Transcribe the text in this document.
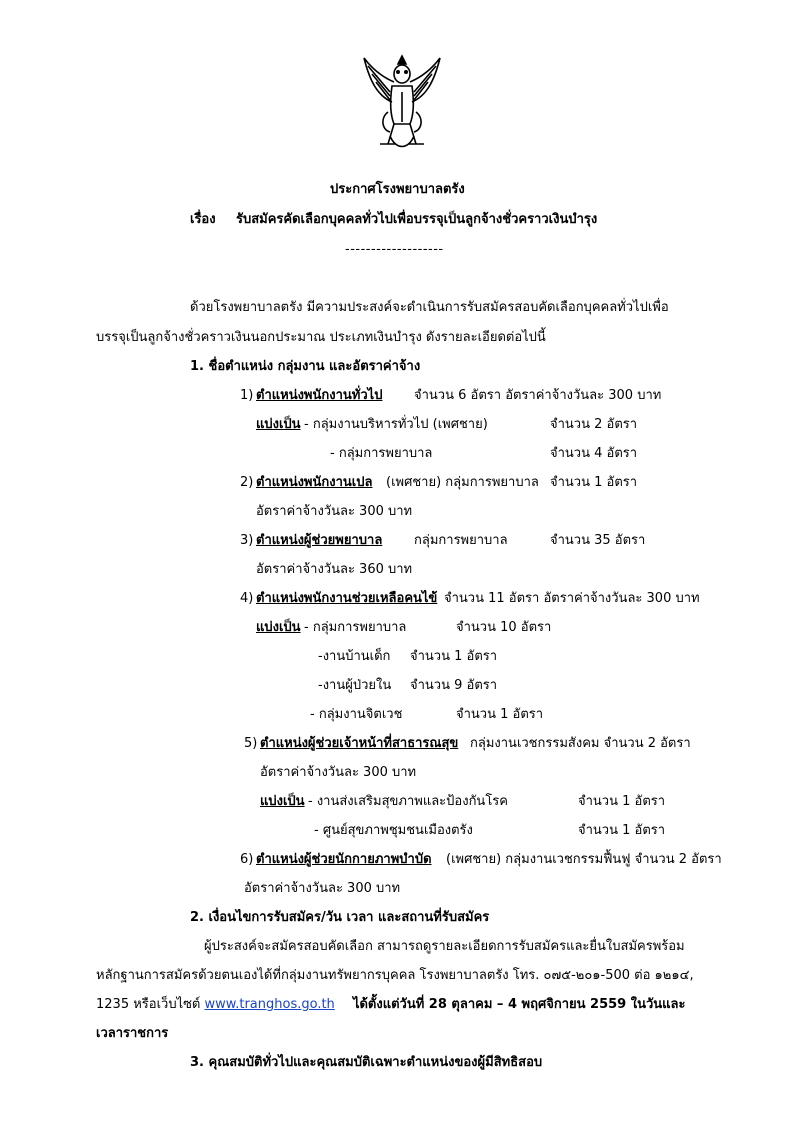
ประกาศโรงพยาบาลตรัง
เรื่อง รับสมัครคัดเลือกบุคคลทั่วไปเพื่อบรรจุเป็นลูกจ้างชั่วคราวเงินบำรุง
-------------------
ด้วยโรงพยาบาลตรัง มีความประสงค์จะดำเนินการรับสมัครสอบคัดเลือกบุคคลทั่วไปเพื่อ
บรรจุเป็นลูกจ้างชั่วคราวเงินนอกประมาณ ประเภทเงินบำรุง ดังรายละเอียดต่อไปนี้
1. ชื่อตำแหน่ง กลุ่มงาน และอัตราค่าจ้าง
1) ตำแหน่งพนักงานทั่วไป จำนวน 6 อัตรา อัตราค่าจ้างวันละ 300 บาท
แบ่งเป็น - กลุ่มงานบริหารทั่วไป (เพศชาย)	จำนวน 2 อัตรา
- กลุ่มการพยาบาล	จำนวน 4 อัตรา
2) ตำแหน่งพนักงานเปล (เพศชาย) กลุ่มการพยาบาล จำนวน 1 อัตรา
อัตราค่าจ้างวันละ 300 บาท
3) ตำแหน่งผู้ช่วยพยาบาล กลุ่มการพยาบาล	จำนวน 35 อัตรา
อัตราค่าจ้างวันละ 360 บาท
4) ตำแหน่งพนักงานช่วยเหลือคนไข้ จำนวน 11 อัตรา อัตราค่าจ้างวันละ 300 บาท
แบ่งเป็น - กลุ่มการพยาบาล	จำนวน 10 อัตรา
-งานบ้านเด็ก จำนวน 1 อัตรา
-งานผู้ป่วยใน จำนวน 9 อัตรา
- กลุ่มงานจิตเวช	จำนวน 1 อัตรา
5) ตำแหน่งผู้ช่วยเจ้าหน้าที่สาธารณสุข กลุ่มงานเวชกรรมสังคม จำนวน 2 อัตรา
อัตราค่าจ้างวันละ 300 บาท
แบ่งเป็น - งานส่งเสริมสุขภาพและป้องกันโรค	จำนวน 1 อัตรา
- ศูนย์สุขภาพชุมชนเมืองตรัง	จำนวน 1 อัตรา
6) ตำแหน่งผู้ช่วยนักกายภาพบำบัด (เพศชาย) กลุ่มงานเวชกรรมฟื้นฟู จำนวน 2 อัตรา
อัตราค่าจ้างวันละ 300 บาท
2. เงื่อนไขการรับสมัคร/วัน เวลา และสถานที่รับสมัคร
ผู้ประสงค์จะสมัครสอบคัดเลือก สามารถดูรายละเอียดการรับสมัครและยื่นใบสมัครพร้อม
หลักฐานการสมัครด้วยตนเองได้ที่กลุ่มงานทรัพยากรบุคคล โรงพยาบาลตรัง โทร. ๐๗๕-๒๐๑-500 ต่อ ๑๒๑๔,
1235 หรือเว็บไซต์ www.tranghos.go.th ได้ตั้งแต่วันที่ 28 ตุลาคม – 4 พฤศจิกายน 2559 ในวันและ
เวลาราชการ
3. คุณสมบัติทั่วไปและคุณสมบัติเฉพาะตำแหน่งของผู้มีสิทธิสอบ
